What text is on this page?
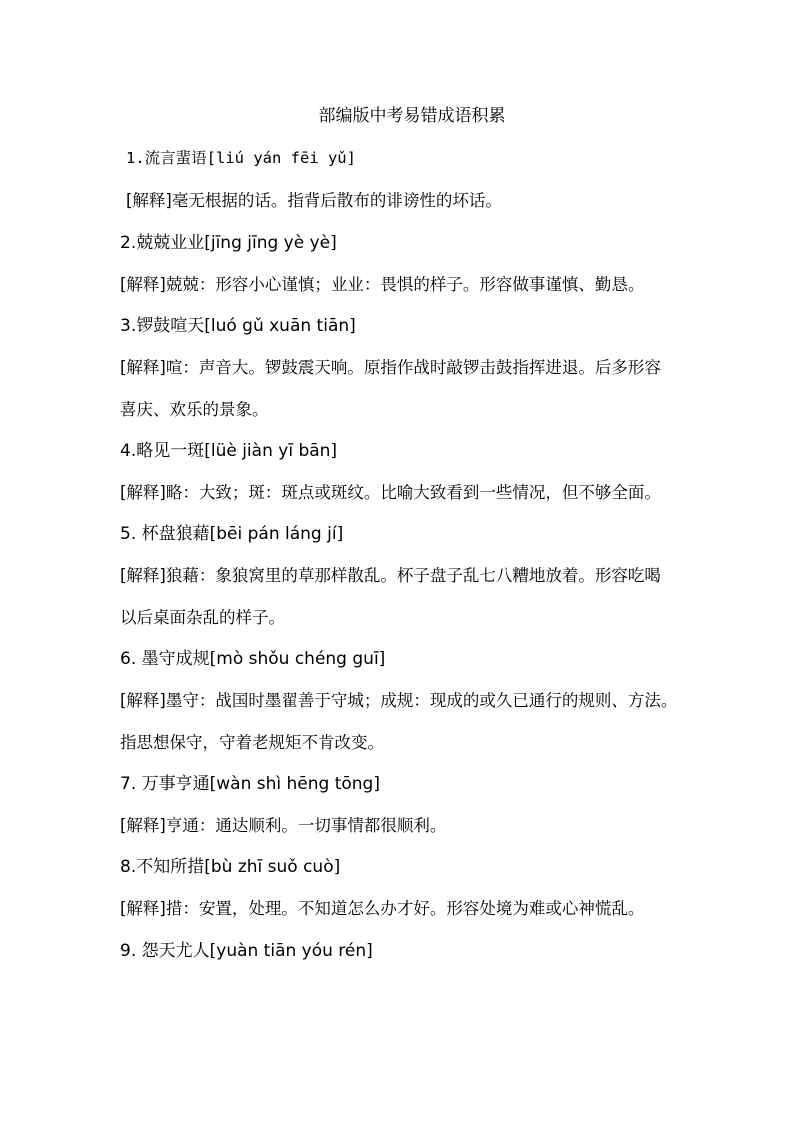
部编版中考易错成语积累
1.流言蜚语[liú yán fēi yǔ]
[解释]毫无根据的话。指背后散布的诽谤性的坏话。
2.兢兢业业[jīng jīng yè yè]
[解释]兢兢：形容小心谨慎；业业：畏惧的样子。形容做事谨慎、勤恳。
3.锣鼓喧天[luó gǔ xuān tiān]
[解释]喧：声音大。锣鼓震天响。原指作战时敲锣击鼓指挥进退。后多形容
喜庆、欢乐的景象。
4.略见一斑[lüè jiàn yī bān]
[解释]略：大致；斑：斑点或斑纹。比喻大致看到一些情况，但不够全面。
5. 杯盘狼藉[bēi pán láng jí]
[解释]狼藉：象狼窝里的草那样散乱。杯子盘子乱七八糟地放着。形容吃喝
以后桌面杂乱的样子。
6. 墨守成规[mò shǒu chéng guī]
[解释]墨守：战国时墨翟善于守城；成规：现成的或久已通行的规则、方法。
指思想保守，守着老规矩不肯改变。
7. 万事亨通[wàn shì hēng tōng]
[解释]亨通：通达顺利。一切事情都很顺利。
8.不知所措[bù zhī suǒ cuò]
[解释]措：安置，处理。不知道怎么办才好。形容处境为难或心神慌乱。
9. 怨天尤人[yuàn tiān yóu rén]
